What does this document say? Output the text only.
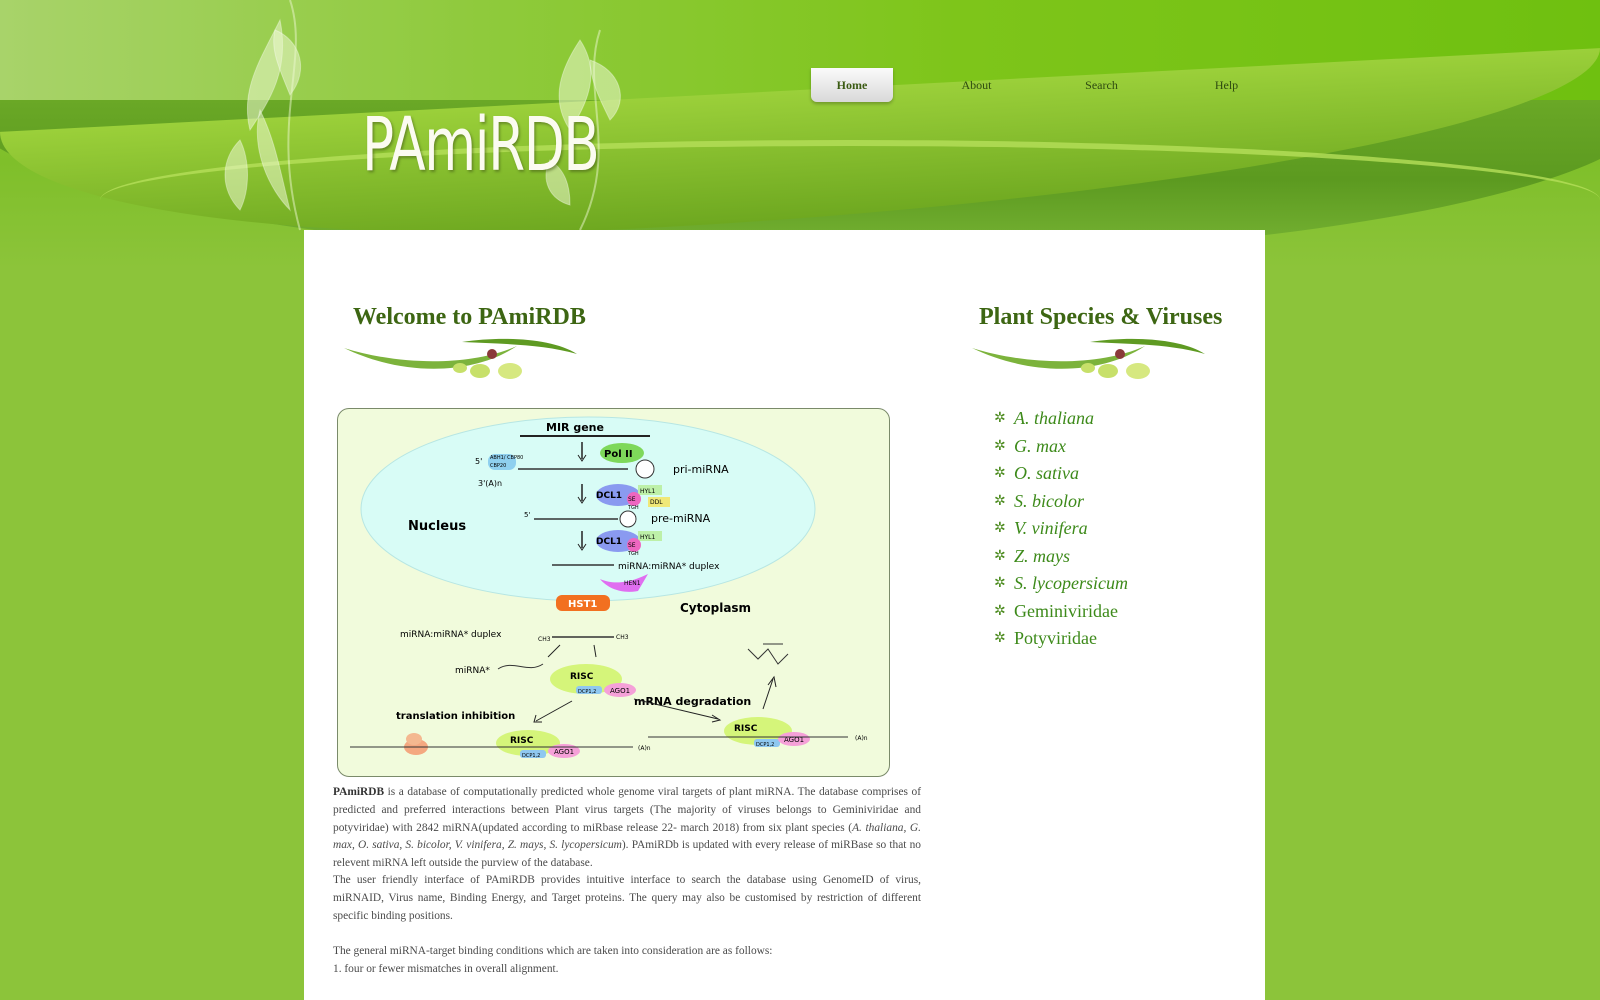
PAmiRDB
Home	About	Search	Help
Welcome to PAmiRDB
MIR gene
Pol II
5' ABH1/ CBP80
CBP20	pri-miRNA
3'(A)n
DCL1	HYL1
SE DDL
TGH
5'	pre-miRNA
Nucleus
DCL1	HYL1
SE
TGH
miRNA:miRNA* duplex
HEN1
HST1	Cytoplasm
miRNA:miRNA* duplex	CH3	CH3
miRNA*
RISC
DCP1,2 AGO1
mRNA degradation
translation inhibition
RISC
DCP1,2
AGO1	(A)n
RISC
DCP1,2 AGO1	(A)n
PAmiRDB is a database of computationally predicted whole genome viral targets of plant miRNA. The database comprises of predicted and preferred interactions between Plant virus targets (The majority of viruses belongs to Geminiviridae and potyviridae) with 2842 miRNA(updated according to miRbase release 22- march 2018) from six plant species (A. thaliana, G. max, O. sativa, S. bicolor, V. vinifera, Z. mays, S. lycopersicum). PAmiRDb is updated with every release of miRBase so that no relevent miRNA left outside the purview of the database.
The user friendly interface of PAmiRDB provides intuitive interface to search the database using GenomeID of virus, miRNAID, Virus name, Binding Energy, and Target proteins. The query may also be customised by restriction of different specific binding positions.
The general miRNA-target binding conditions which are taken into consideration are as follows:
1. four or fewer mismatches in overall alignment.
Plant Species & Viruses
✲ A. thaliana
✲ G. max
✲ O. sativa
✲ S. bicolor
✲ V. vinifera
✲ Z. mays
✲ S. lycopersicum
✲ Geminiviridae
✲ Potyviridae
